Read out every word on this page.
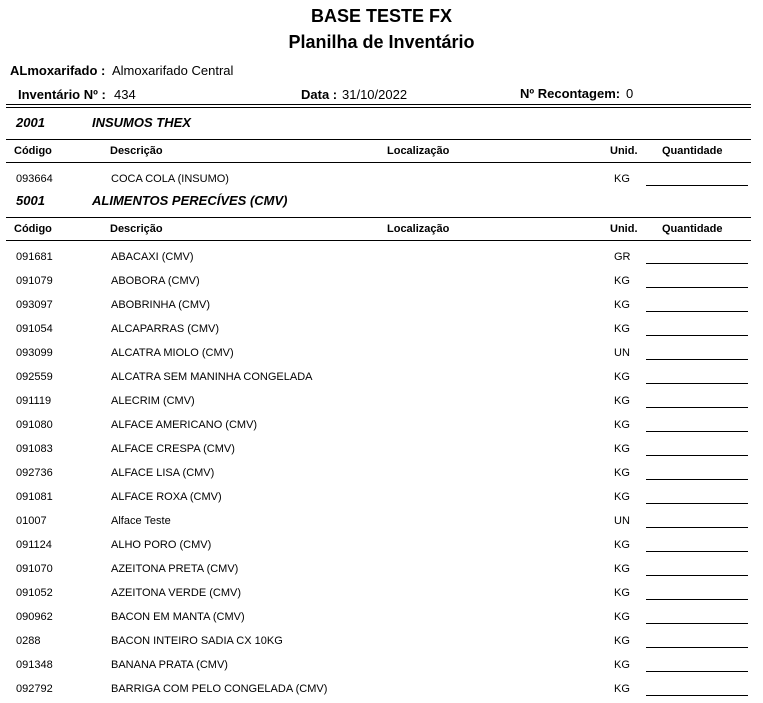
BASE TESTE FX
Planilha de Inventário
ALmoxarifado : Almoxarifado Central
Inventário Nº : 434	Data : 31/10/2022	Nº Recontagem: 0
2001	INSUMOS THEX
Código	Descrição	Localização	Unid. Quantidade
093664	COCA COLA (INSUMO)	KG
5001	ALIMENTOS PERECÍVES (CMV)
Código	Descrição	Localização	Unid. Quantidade
091681	ABACAXI (CMV)	GR
091079	ABOBORA (CMV)	KG
093097	ABOBRINHA (CMV)	KG
091054	ALCAPARRAS (CMV)	KG
093099	ALCATRA MIOLO (CMV)	UN
092559	ALCATRA SEM MANINHA CONGELADA	KG
091119	ALECRIM (CMV)	KG
091080	ALFACE AMERICANO (CMV)	KG
091083	ALFACE CRESPA (CMV)	KG
092736	ALFACE LISA (CMV)	KG
091081	ALFACE ROXA (CMV)	KG
01007	Alface Teste	UN
091124	ALHO PORO (CMV)	KG
091070	AZEITONA PRETA (CMV)	KG
091052	AZEITONA VERDE (CMV)	KG
090962	BACON EM MANTA (CMV)	KG
0288	BACON INTEIRO SADIA CX 10KG	KG
091348	BANANA PRATA (CMV)	KG
092792	BARRIGA COM PELO CONGELADA (CMV)	KG
